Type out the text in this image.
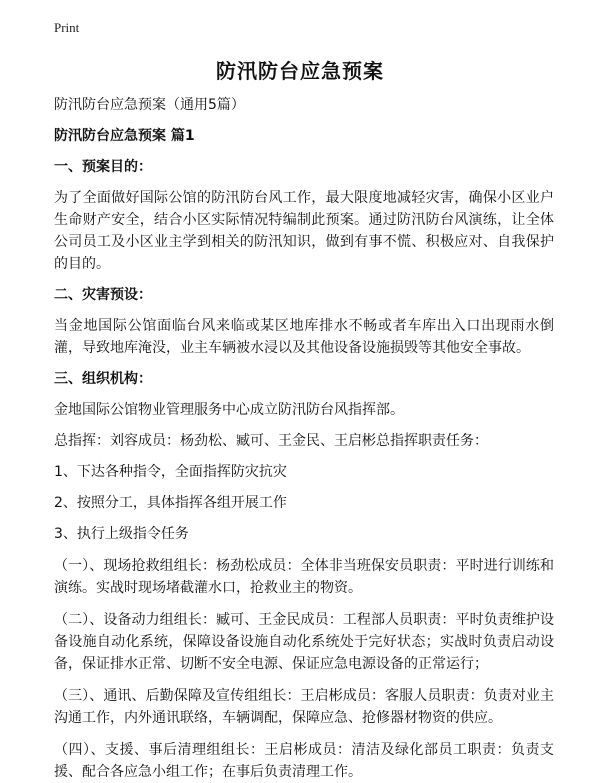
Print
防汛防台应急预案

防汛防台应急预案（通用5篇）

防汛防台应急预案 篇1

一、预案目的：

为了全面做好国际公馆的防汛防台风工作，最大限度地减轻灾害，确保小区业户生命财产安全，结合小区实际情况特编制此预案。通过防汛防台风演练，让全体公司员工及小区业主学到相关的防汛知识，做到有事不慌、积极应对、自我保护的目的。

二、灾害预设：

当金地国际公馆面临台风来临或某区地库排水不畅或者车库出入口出现雨水倒灌，导致地库淹没，业主车辆被水浸以及其他设备设施损毁等其他安全事故。

三、组织机构：

金地国际公馆物业管理服务中心成立防汛防台风指挥部。

总指挥：刘容成员：杨劲松、臧可、王金民、王启彬总指挥职责任务：

1、下达各种指令，全面指挥防灾抗灾

2、按照分工，具体指挥各组开展工作

3、执行上级指令任务

（一）、现场抢救组组长：杨劲松成员：全体非当班保安员职责：平时进行训练和演练。实战时现场堵截灌水口，抢救业主的物资。

（二）、设备动力组组长：臧可、王金民成员：工程部人员职责：平时负责维护设备设施自动化系统，保障设备设施自动化系统处于完好状态；实战时负责启动设备，保证排水正常、切断不安全电源、保证应急电源设备的正常运行；

（三）、通讯、后勤保障及宣传组组长：王启彬成员：客服人员职责：负责对业主沟通工作，内外通讯联络，车辆调配，保障应急、抢修器材物资的供应。

（四）、支援、事后清理组组长：王启彬成员：清洁及绿化部员工职责：负责支援、配合各应急小组工作；在事后负责清理工作。
